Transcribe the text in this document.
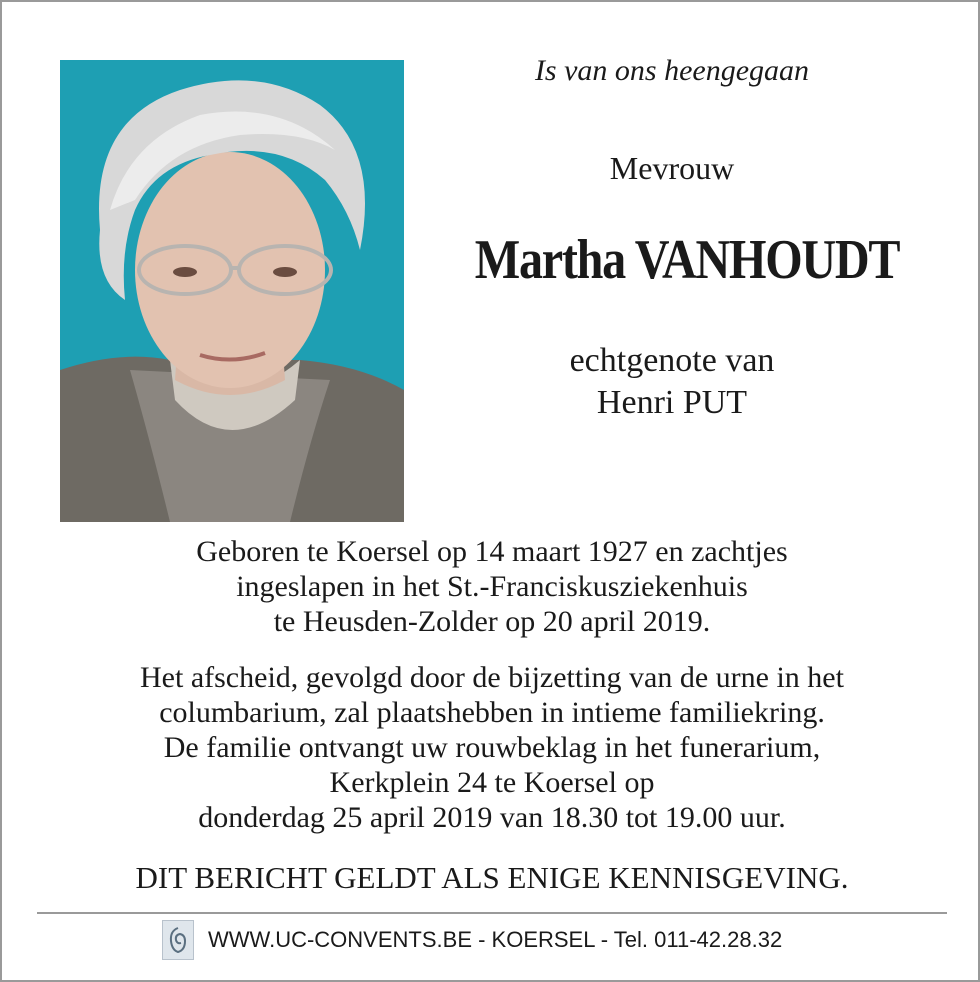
Is van ons heengegaan
Mevrouw
Martha VANHOUDT
echtgenote van
Henri PUT
Geboren te Koersel op 14 maart 1927 en zachtjes
ingeslapen in het St.-Franciskusziekenhuis
te Heusden-Zolder op 20 april 2019.
Het afscheid, gevolgd door de bijzetting van de urne in het
columbarium, zal plaatshebben in intieme familiekring.
De familie ontvangt uw rouwbeklag in het funerarium,
Kerkplein 24 te Koersel op
donderdag 25 april 2019 van 18.30 tot 19.00 uur.
DIT BERICHT GELDT ALS ENIGE KENNISGEVING.
WWW.UC-CONVENTS.BE - KOERSEL - Tel. 011-42.28.32
